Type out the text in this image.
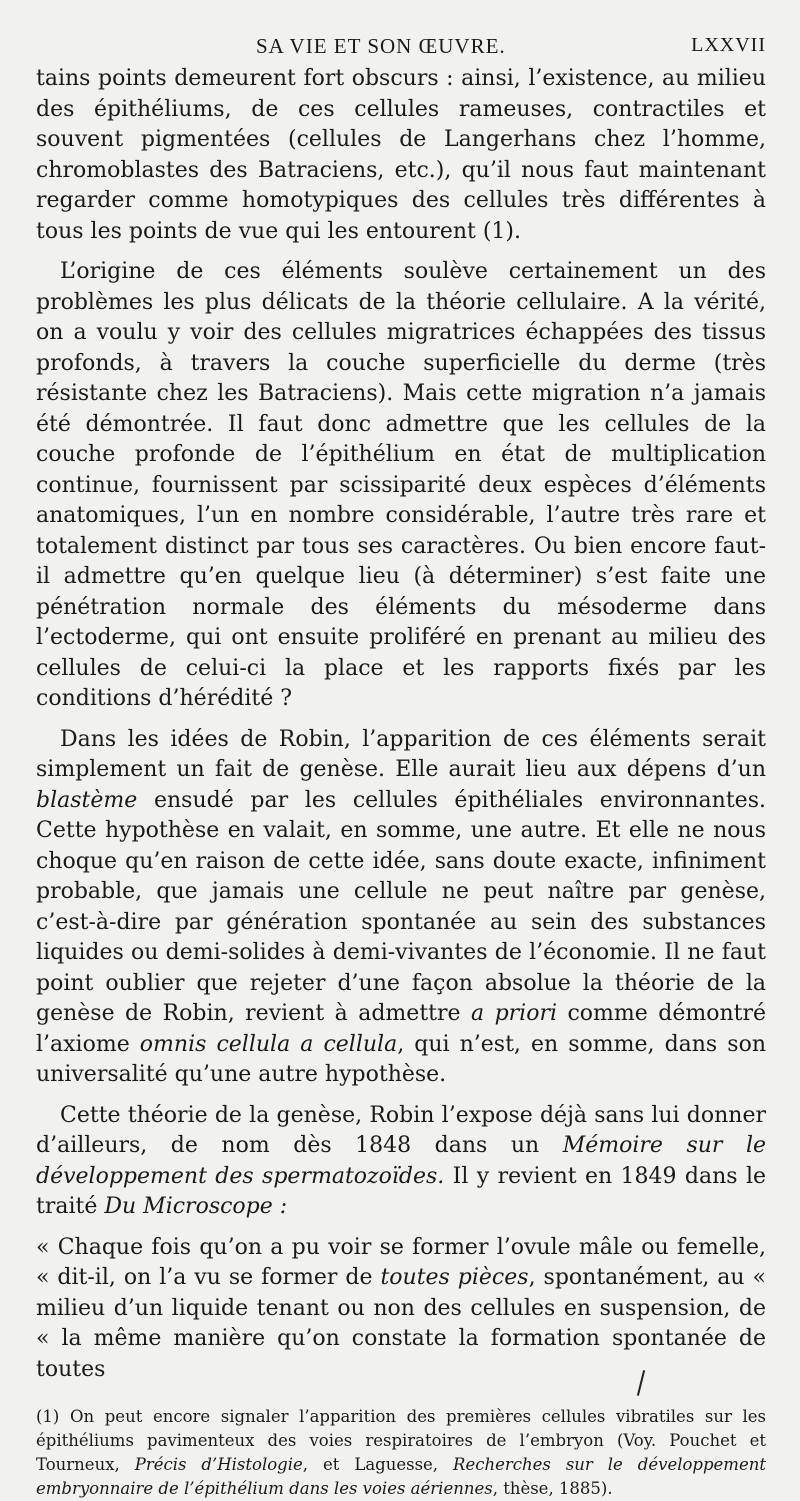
SA VIE ET SON ŒUVRE.	LXXVII

tains points demeurent fort obscurs : ainsi, l’existence, au milieu des épithéliums, de ces cellules rameuses, contractiles et souvent pigmentées (cellules de Langerhans chez l’homme, chromoblastes des Batraciens, etc.), qu’il nous faut maintenant regarder comme homotypiques des cellules très différentes à tous les points de vue qui les entourent (1).

L’origine de ces éléments soulève certainement un des problèmes les plus délicats de la théorie cellulaire. A la vérité, on a voulu y voir des cellules migratrices échappées des tissus profonds, à travers la couche superficielle du derme (très résistante chez les Batraciens). Mais cette migration n’a jamais été démontrée. Il faut donc admettre que les cellules de la couche profonde de l’épithélium en état de multiplication continue, fournissent par scissiparité deux espèces d’éléments anatomiques, l’un en nombre considérable, l’autre très rare et totalement distinct par tous ses caractères. Ou bien encore faut-il admettre qu’en quelque lieu (à déterminer) s’est faite une pénétration normale des éléments du mésoderme dans l’ectoderme, qui ont ensuite proliféré en prenant au milieu des cellules de celui-ci la place et les rapports fixés par les conditions d’hérédité ?

Dans les idées de Robin, l’apparition de ces éléments serait simplement un fait de genèse. Elle aurait lieu aux dépens d’un blastème ensudé par les cellules épithéliales environnantes. Cette hypothèse en valait, en somme, une autre. Et elle ne nous choque qu’en raison de cette idée, sans doute exacte, infiniment probable, que jamais une cellule ne peut naître par genèse, c’est-à-dire par génération spontanée au sein des substances liquides ou demi-solides à demi-vivantes de l’économie. Il ne faut point oublier que rejeter d’une façon absolue la théorie de la genèse de Robin, revient à admettre a priori comme démontré l’axiome omnis cellula a cellula, qui n’est, en somme, dans son universalité qu’une autre hypothèse.

Cette théorie de la genèse, Robin l’expose déjà sans lui donner d’ailleurs, de nom dès 1848 dans un Mémoire sur le développement des spermatozoïdes. Il y revient en 1849 dans le traité Du Microscope :

« Chaque fois qu’on a pu voir se former l’ovule mâle ou femelle, « dit-il, on l’a vu se former de toutes pièces, spontanément, au « milieu d’un liquide tenant ou non des cellules en suspension, de « la même manière qu’on constate la formation spontanée de toutes

(1) On peut encore signaler l’apparition des premières cellules vibratiles sur les épithéliums pavimenteux des voies respiratoires de l’embryon (Voy. Pouchet et Tourneux, Précis d’Histologie, et Laguesse, Recherches sur le développement embryonnaire de l’épithélium dans les voies aériennes, thèse, 1885).
